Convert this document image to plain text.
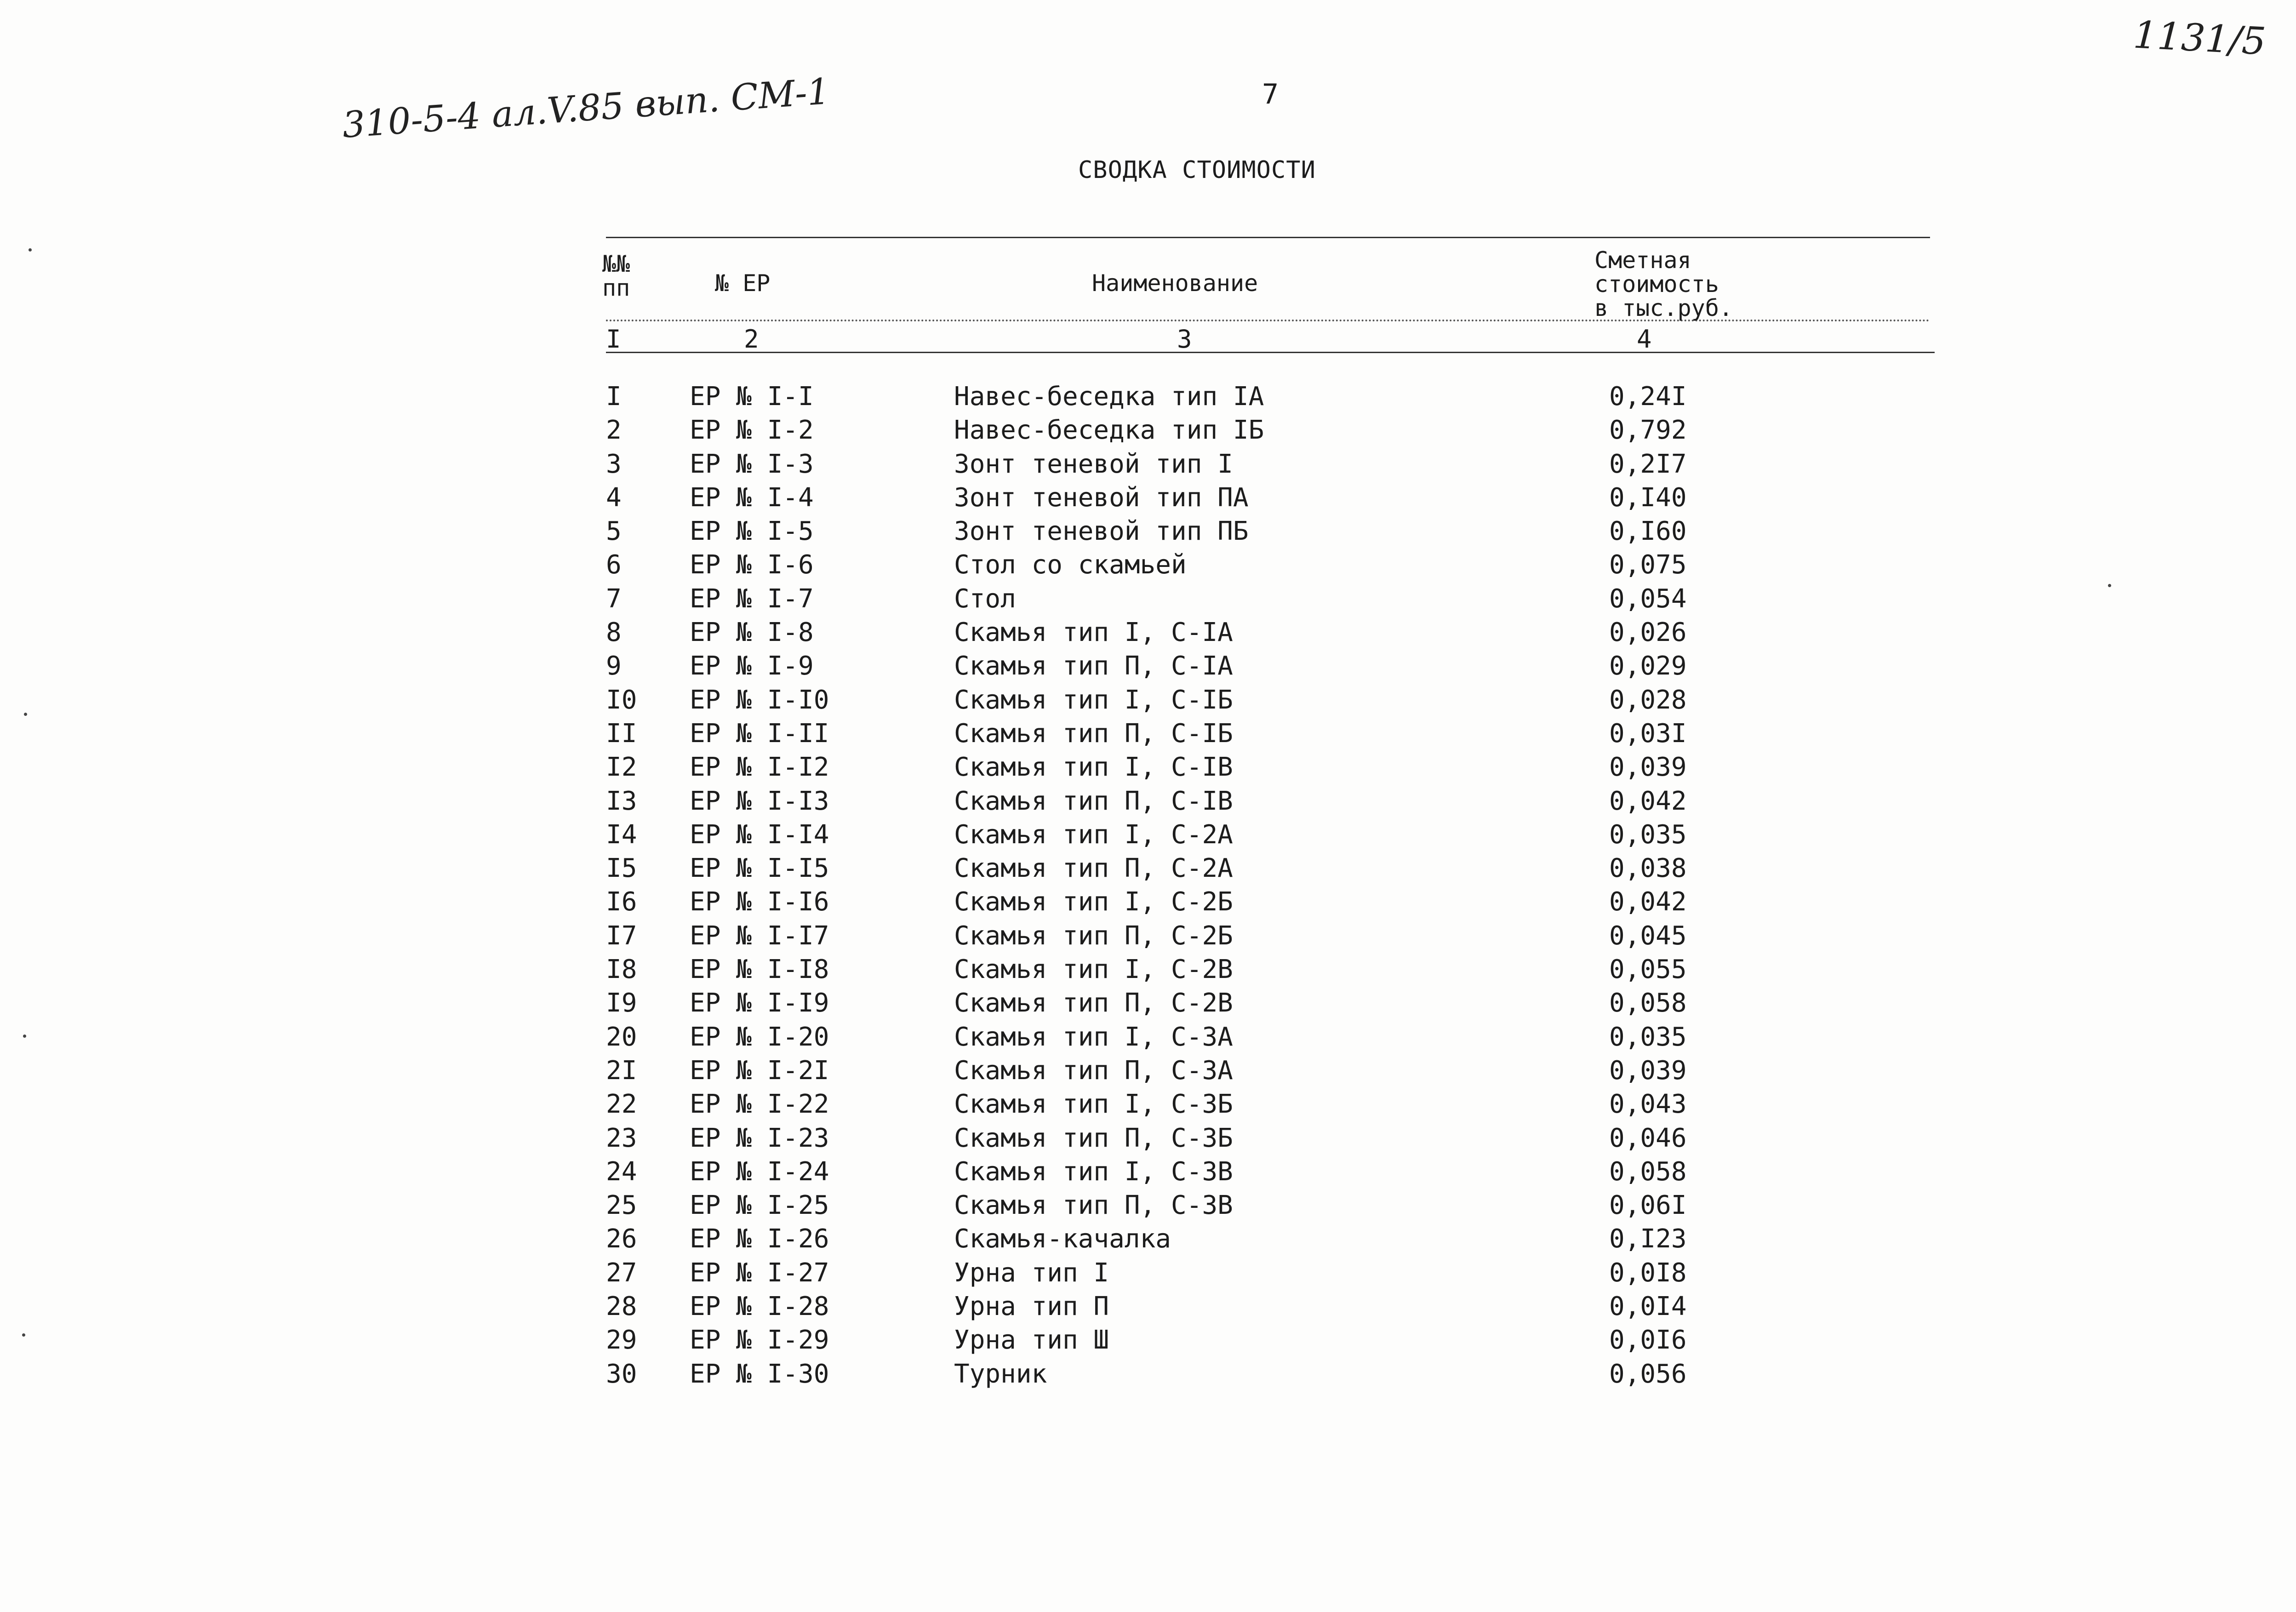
310-5-4 ал.V.85 вып. СМ-1
1131/5
7
СВОДКА СТОИМОСТИ
№№
пп	№ ЕР	Наименование
Сметная
стоимость
в тыс.руб.
I	2	3	4
I	ЕР № I-I	Навес-беседка тип IА	0,24I
2	ЕР № I-2	Навес-беседка тип IБ	0,792
3	ЕР № I-3	Зонт теневой тип I	0,2I7
4	ЕР № I-4	Зонт теневой тип ПА	0,I40
5	ЕР № I-5	Зонт теневой тип ПБ	0,I60
6	ЕР № I-6	Стол со скамьей	0,075
7	ЕР № I-7	Стол	0,054
8	ЕР № I-8	Скамья тип I, С-IА	0,026
9	ЕР № I-9	Скамья тип П, С-IА	0,029
I0 ЕР № I-I0	Скамья тип I, С-IБ	0,028
II ЕР № I-II	Скамья тип П, С-IБ	0,03I
I2 ЕР № I-I2	Скамья тип I, С-IВ	0,039
I3 ЕР № I-I3	Скамья тип П, С-IВ	0,042
I4 ЕР № I-I4	Скамья тип I, С-2А	0,035
I5 ЕР № I-I5	Скамья тип П, С-2А	0,038
I6 ЕР № I-I6	Скамья тип I, С-2Б	0,042
I7 ЕР № I-I7	Скамья тип П, С-2Б	0,045
I8 ЕР № I-I8	Скамья тип I, С-2В	0,055
I9 ЕР № I-I9	Скамья тип П, С-2В	0,058
20 ЕР № I-20	Скамья тип I, С-3А	0,035
2I ЕР № I-2I	Скамья тип П, С-3А	0,039
22 ЕР № I-22	Скамья тип I, С-3Б	0,043
23 ЕР № I-23	Скамья тип П, С-3Б	0,046
24 ЕР № I-24	Скамья тип I, С-3В	0,058
25 ЕР № I-25	Скамья тип П, С-3В	0,06I
26 ЕР № I-26	Скамья-качалка	0,I23
27 ЕР № I-27	Урна тип I	0,0I8
28 ЕР № I-28	Урна тип П	0,0I4
29 ЕР № I-29	Урна тип Ш	0,0I6
30 ЕР № I-30	Турник	0,056
